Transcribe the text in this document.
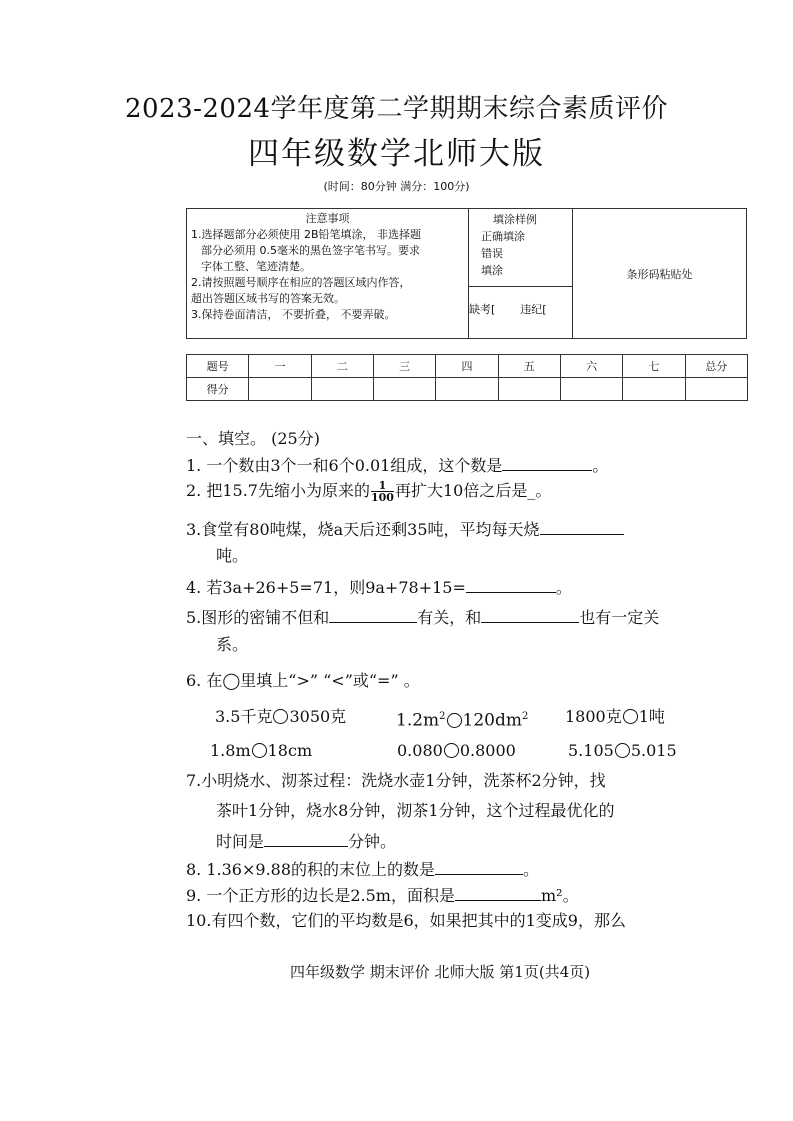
2023-2024学年度第二学期期末综合素质评价
四年级数学北师大版
(时间：80分钟 满分：100分)
注意事项
1.选择题部分必须使用 2B铅笔填涂， 非选择题
部分必须用 0.5毫米的黑色签字笔书写。要求
字体工整、笔迹清楚。
2.请按照题号顺序在相应的答题区域内作答，
超出答题区域书写的答案无效。
3.保持卷面清洁， 不要折叠， 不要弄破。
填涂样例
正确填涂
错误
填涂
缺考[ 违纪[
条形码粘贴处
题号	一	二	三	四	五	六	七	总分
得分								
一、填空。 (25分)
1. 一个数由3个一和6个0.01组成，这个数是	。
2. 把15.7先缩小为原来的 $\frac{1}{100}$ 再扩大10倍之后是_。
3.食堂有80吨煤，烧a天后还剩35吨，平均每天烧
吨。
4. 若3a+26+5=71，则9a+78+15=	。
5.图形的密铺不但和	有关，和	也有一定关
系。
6. 在◯里填上“>” “<”或“=” 。
3.5千克 3050克	$1.2m^2$ $120dm^2$ 1800克 1吨
1.8m 18cm	0.080 0.8000	5.105 5.015
7.小明烧水、沏茶过程：洗烧水壶1分钟，洗茶杯2分钟，找
茶叶1分钟，烧水8分钟，沏茶1分钟，这个过程最优化的
时间是	分钟。
8. 1.36×9.88的积的末位上的数是	。
9. 一个正方形的边长是2.5m，面积是	m²。
10.有四个数，它们的平均数是6，如果把其中的1变成9，那么
四年级数学 期末评价 北师大版 第1页(共4页)
